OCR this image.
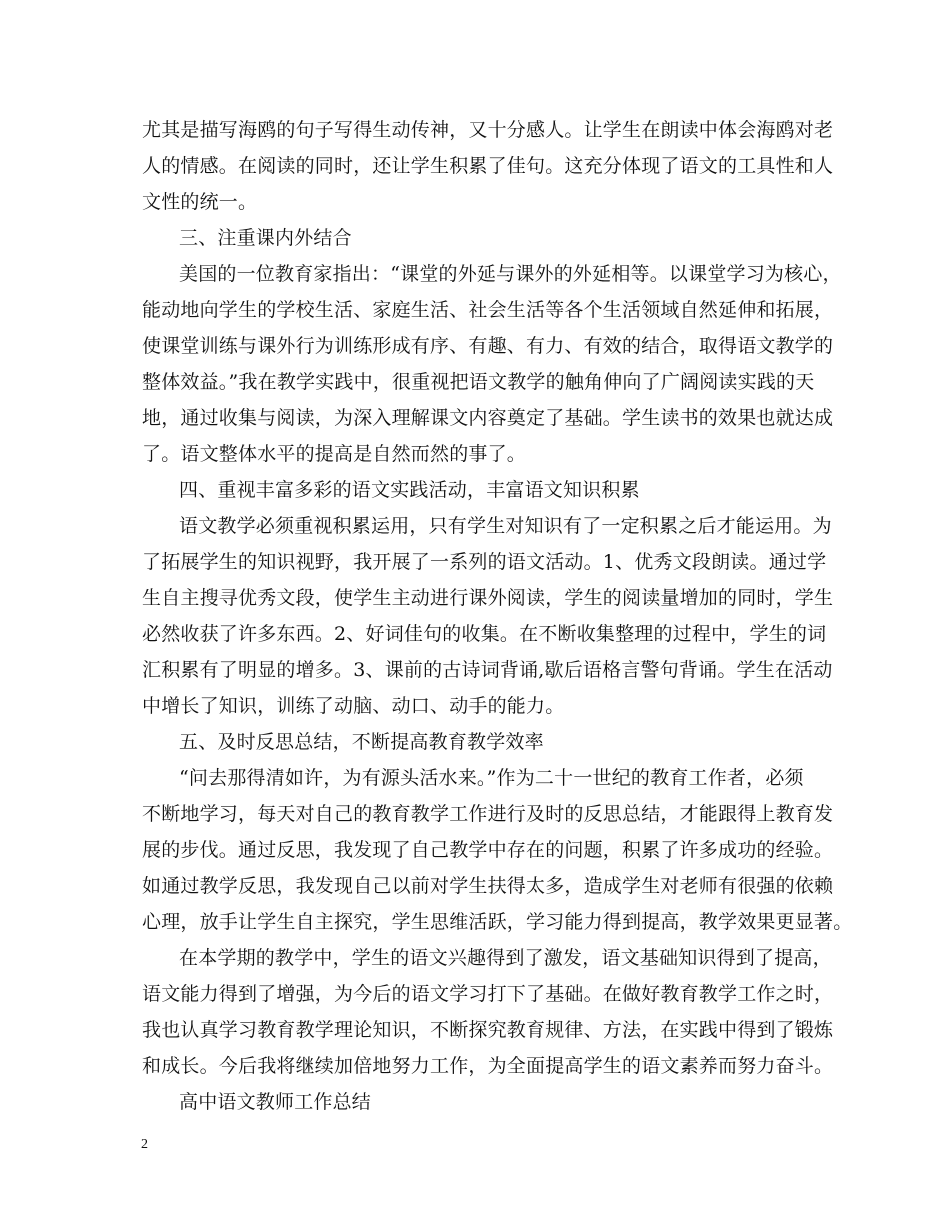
尤其是描写海鸥的句子写得生动传神，又十分感人。让学生在朗读中体会海鸥对老
人的情感。在阅读的同时，还让学生积累了佳句。这充分体现了语文的工具性和人
文性的统一。
三、注重课内外结合
美国的一位教育家指出：“课堂的外延与课外的外延相等。以课堂学习为核心，
能动地向学生的学校生活、家庭生活、社会生活等各个生活领域自然延伸和拓展，
使课堂训练与课外行为训练形成有序、有趣、有力、有效的结合，取得语文教学的
整体效益。”我在教学实践中，很重视把语文教学的触角伸向了广阔阅读实践的天
地，通过收集与阅读，为深入理解课文内容奠定了基础。学生读书的效果也就达成
了。语文整体水平的提高是自然而然的事了。
四、重视丰富多彩的语文实践活动，丰富语文知识积累
语文教学必须重视积累运用，只有学生对知识有了一定积累之后才能运用。为
了拓展学生的知识视野，我开展了一系列的语文活动。1、优秀文段朗读。通过学
生自主搜寻优秀文段，使学生主动进行课外阅读，学生的阅读量增加的同时，学生
必然收获了许多东西。2、好词佳句的收集。在不断收集整理的过程中，学生的词
汇积累有了明显的增多。3、课前的古诗词背诵,歇后语格言警句背诵。学生在活动
中增长了知识，训练了动脑、动口、动手的能力。
五、及时反思总结，不断提高教育教学效率
“问去那得清如许，为有源头活水来。”作为二十一世纪的教育工作者，必须
不断地学习，每天对自己的教育教学工作进行及时的反思总结，才能跟得上教育发
展的步伐。通过反思，我发现了自己教学中存在的问题，积累了许多成功的经验。
如通过教学反思，我发现自己以前对学生扶得太多，造成学生对老师有很强的依赖
心理，放手让学生自主探究，学生思维活跃，学习能力得到提高，教学效果更显著。
在本学期的教学中，学生的语文兴趣得到了激发，语文基础知识得到了提高，
语文能力得到了增强，为今后的语文学习打下了基础。在做好教育教学工作之时，
我也认真学习教育教学理论知识，不断探究教育规律、方法，在实践中得到了锻炼
和成长。今后我将继续加倍地努力工作，为全面提高学生的语文素养而努力奋斗。
高中语文教师工作总结
2
